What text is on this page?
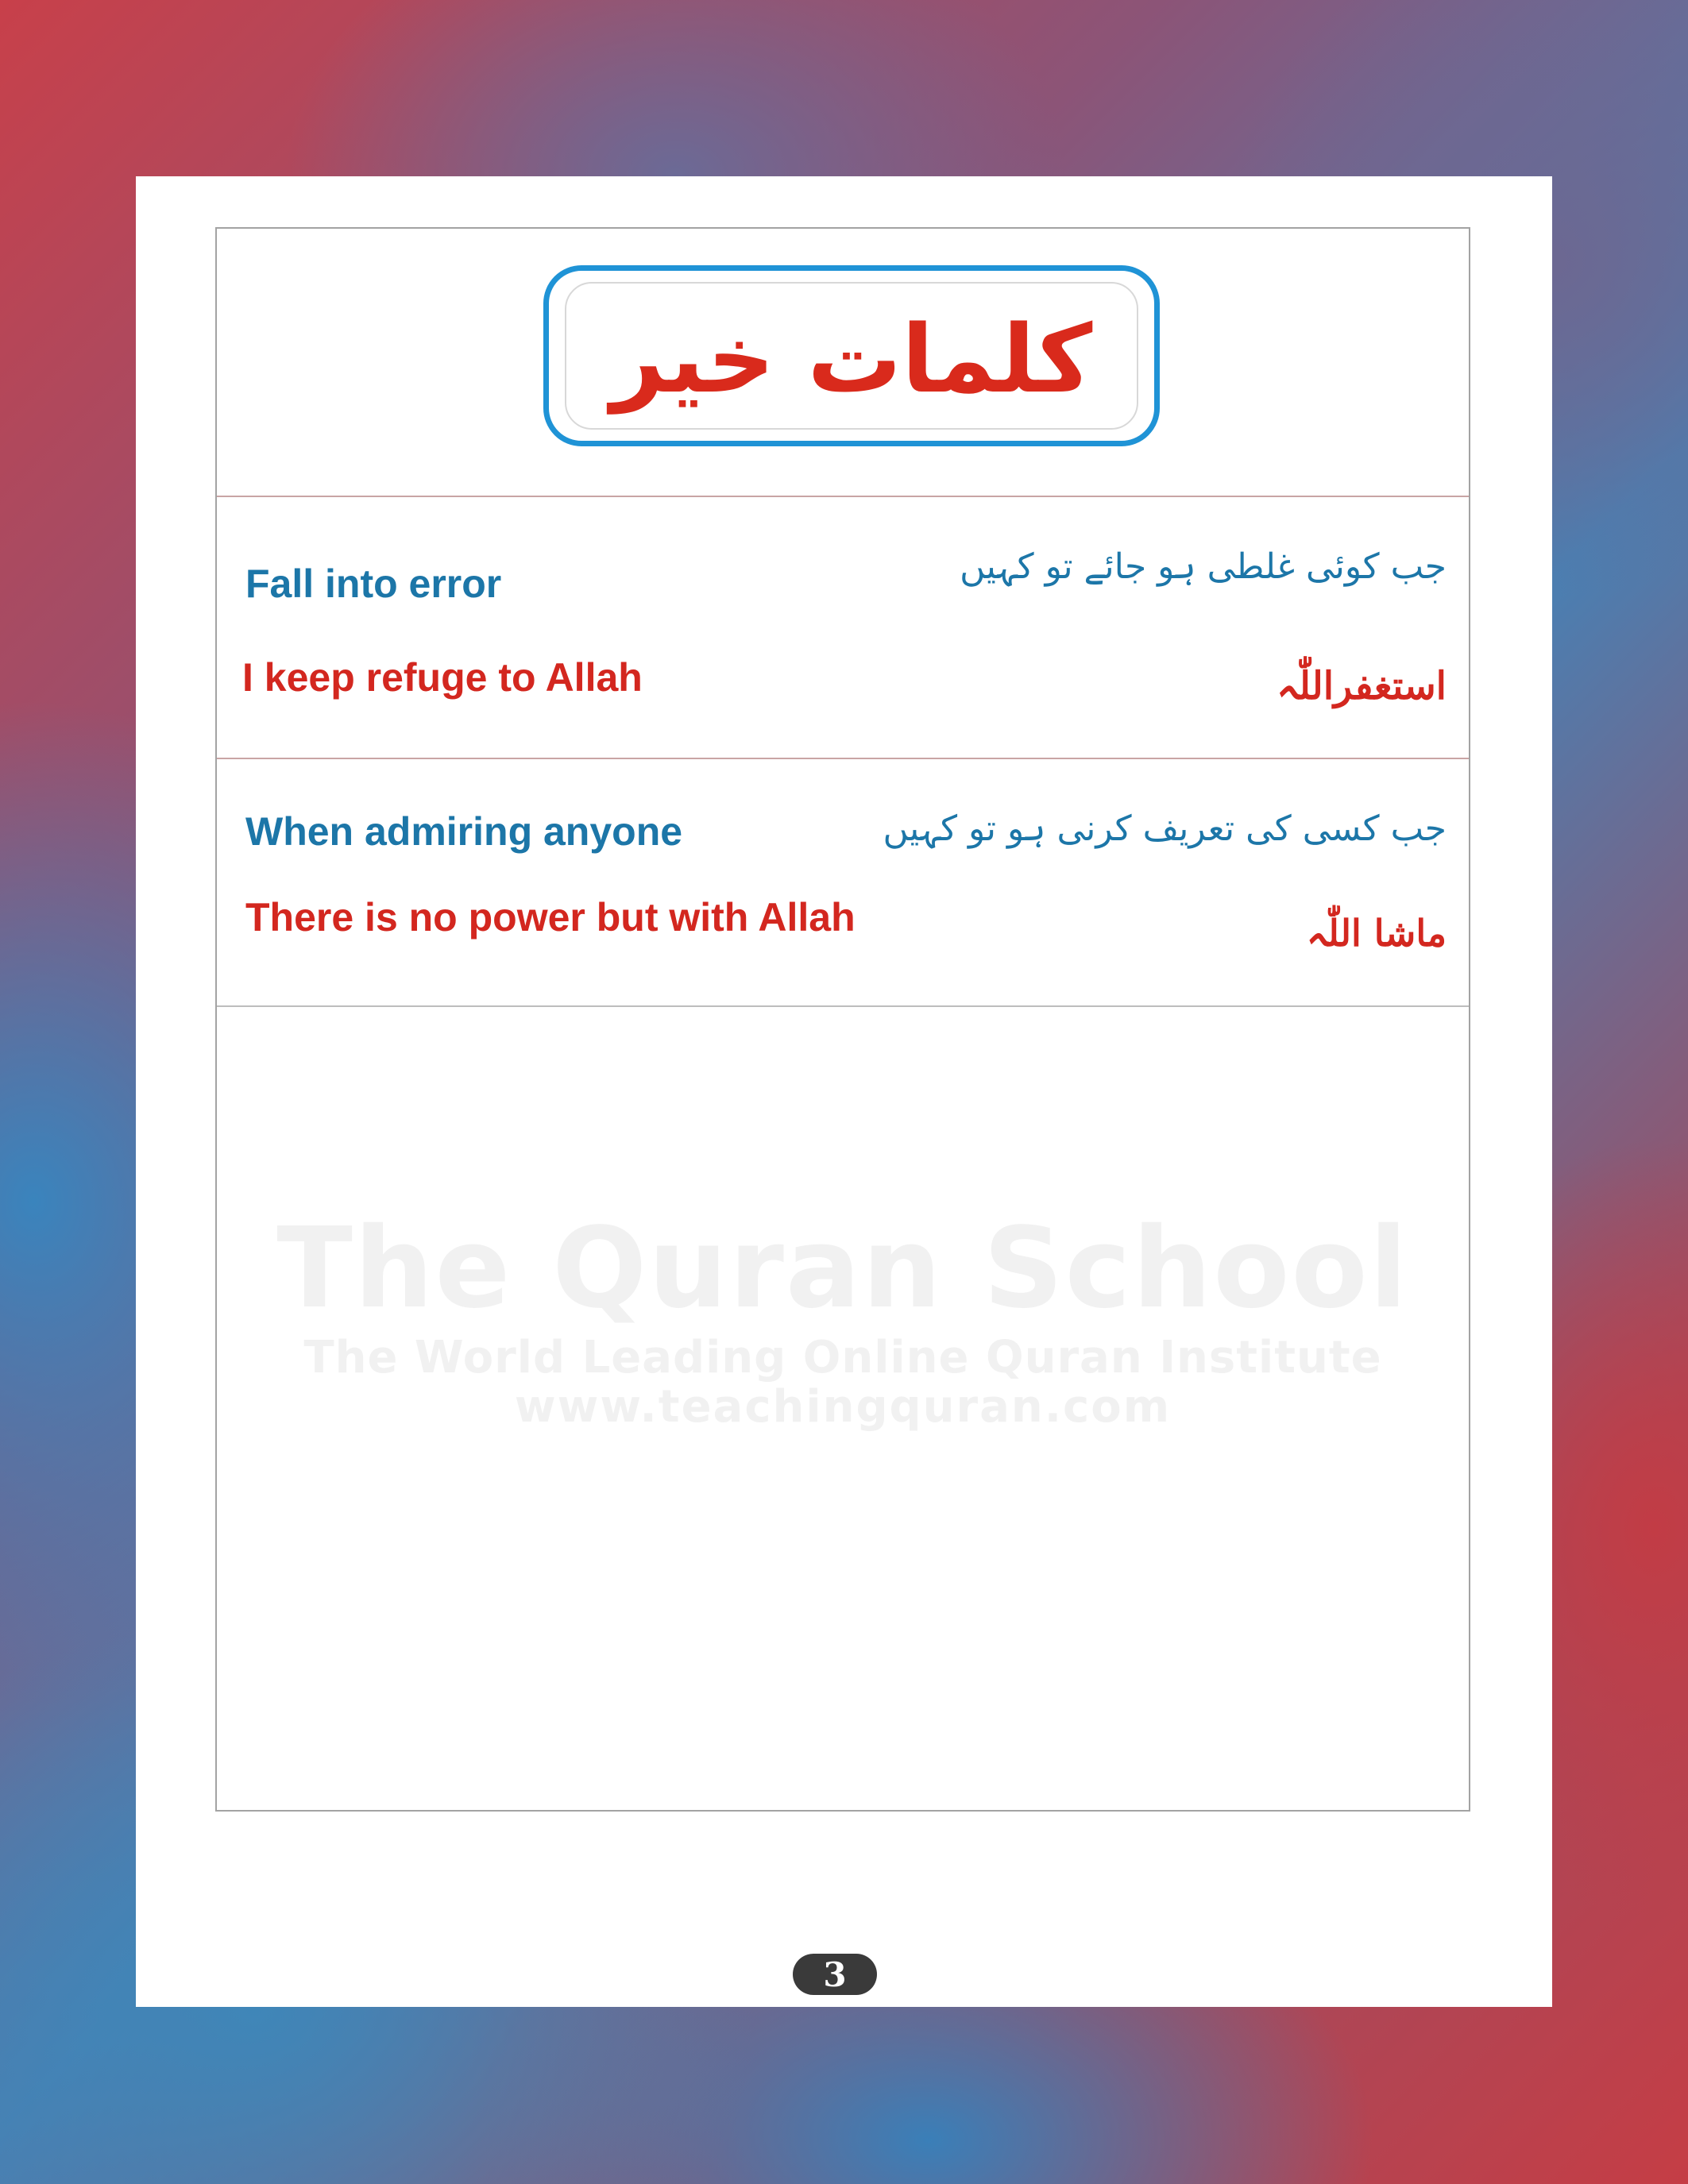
کلمات خیر
Fall into error	جب کوئی غلطی ہو جائے تو کہیں
I keep refuge to Allah	استغفراللّٰہ
When admiring anyone	جب کسی کی تعریف کرنی ہو تو کہیں
There is no power but with Allah	ماشا اللّٰہ
The Quran School
The World Leading Online Quran Institute
www.teachingquran.com
3
